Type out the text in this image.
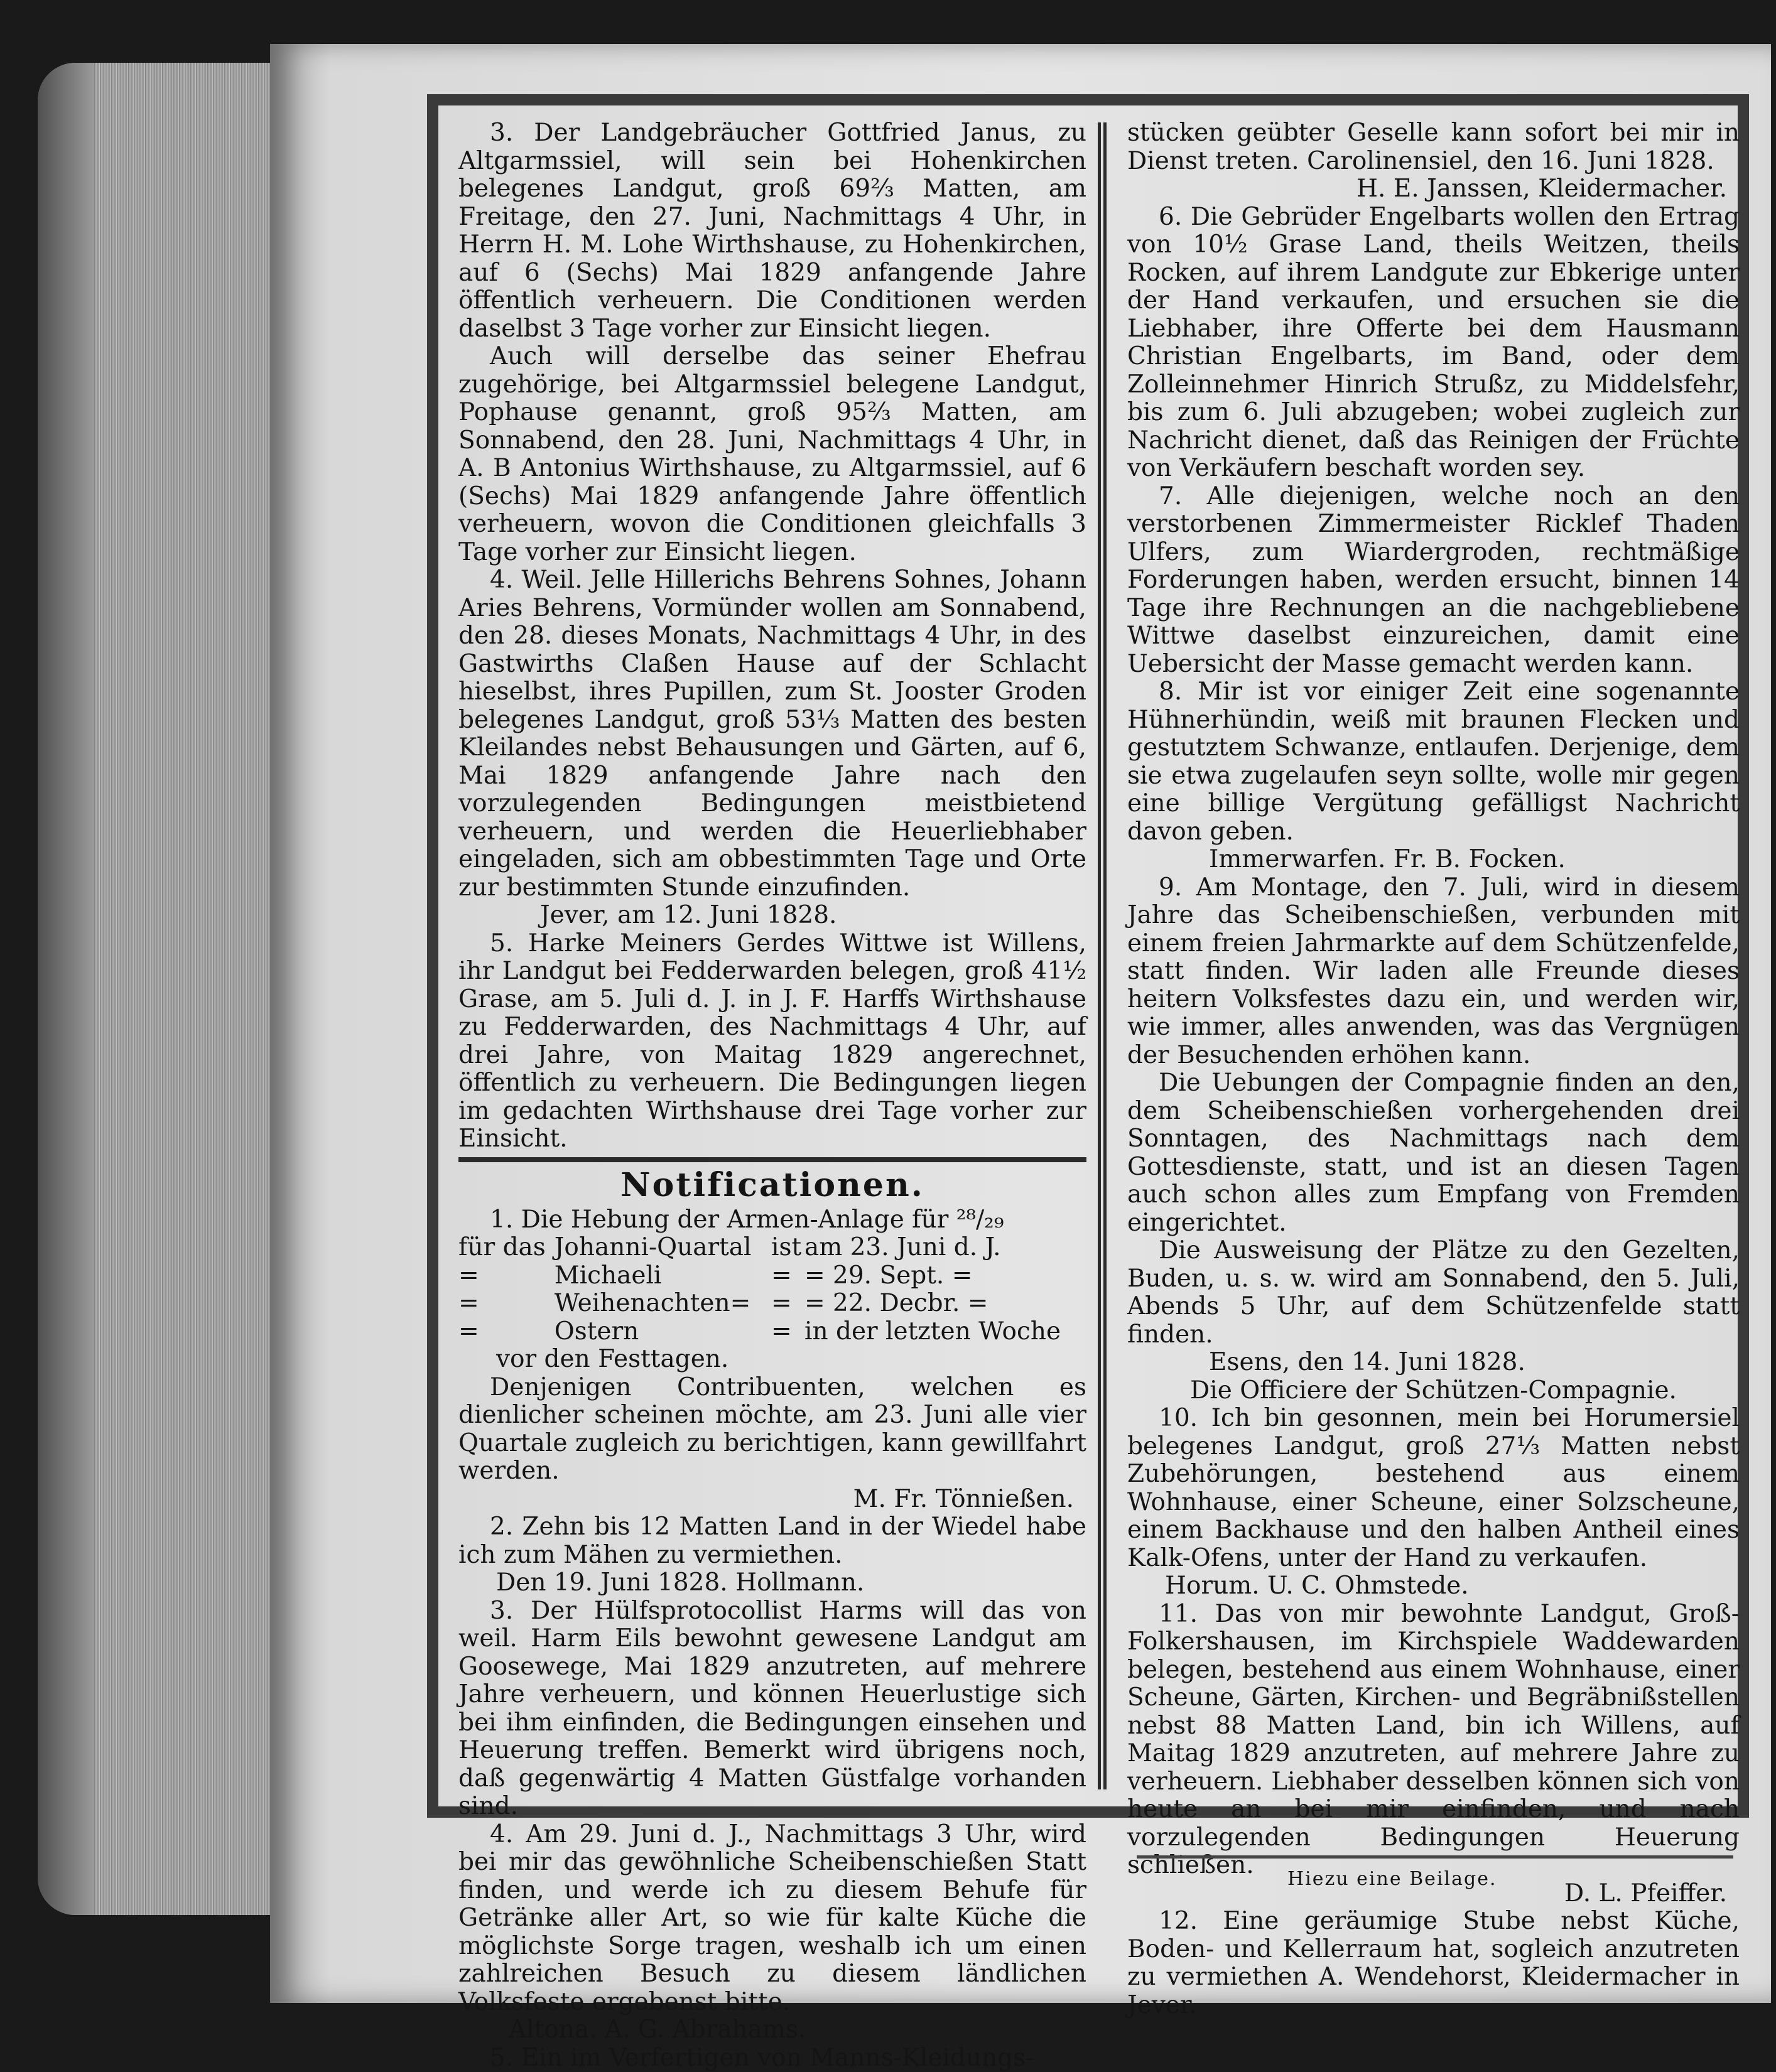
3. Der Landgebräucher Gottfried Janus, zu Altgarmssiel, will sein bei Hohenkirchen belegenes Landgut, groß 69⅔ Matten, am Freitage, den 27. Juni, Nachmittags 4 Uhr, in Herrn H. M. Lohe Wirthshause, zu Hohenkirchen, auf 6 (Sechs) Mai 1829 anfangende Jahre öffentlich verheuern. Die Conditionen werden daselbst 3 Tage vorher zur Einsicht liegen.

Auch will derselbe das seiner Ehefrau zugehörige, bei Altgarmssiel belegene Landgut, Pophause genannt, groß 95⅔ Matten, am Sonnabend, den 28. Juni, Nachmittags 4 Uhr, in A. B Antonius Wirthshause, zu Altgarmssiel, auf 6 (Sechs) Mai 1829 anfangende Jahre öffentlich verheuern, wovon die Conditionen gleichfalls 3 Tage vorher zur Einsicht liegen.

4. Weil. Jelle Hillerichs Behrens Sohnes, Johann Aries Behrens, Vormünder wollen am Sonnabend, den 28. dieses Monats, Nachmittags 4 Uhr, in des Gastwirths Claßen Hause auf der Schlacht hieselbst, ihres Pupillen, zum St. Jooster Groden belegenes Landgut, groß 53⅓ Matten des besten Kleilandes nebst Behausungen und Gärten, auf 6, Mai 1829 anfangende Jahre nach den vorzulegenden Bedingungen meistbietend verheuern, und werden die Heuerliebhaber eingeladen, sich am obbestimmten Tage und Orte zur bestimmten Stunde einzufinden.

Jever, am 12. Juni 1828.

5. Harke Meiners Gerdes Wittwe ist Willens, ihr Landgut bei Fedderwarden belegen, groß 41½ Grase, am 5. Juli d. J. in J. F. Harffs Wirthshause zu Fedderwarden, des Nachmittags 4 Uhr, auf drei Jahre, von Maitag 1829 angerechnet, öffentlich zu verheuern. Die Bedingungen liegen im gedachten Wirthshause drei Tage vorher zur Einsicht.

Notificationen.

1. Die Hebung der Armen-Anlage für ²⁸/₂₉

für das	Johanni-Quartal	ist	am 23. Juni d. J.
=	Michaeli	=	= 29. Sept. =
=	Weihenachten=	=	= 22. Decbr. =
=	Ostern	=	in der letzten Woche

vor den Festtagen.

Denjenigen Contribuenten, welchen es dienlicher scheinen möchte, am 23. Juni alle vier Quartale zugleich zu berichtigen, kann gewillfahrt werden.

M. Fr. Tönnießen.

2. Zehn bis 12 Matten Land in der Wiedel habe ich zum Mähen zu vermiethen.

Den 19. Juni 1828. Hollmann.

3. Der Hülfsprotocollist Harms will das von weil. Harm Eils bewohnt gewesene Landgut am Goosewege, Mai 1829 anzutreten, auf mehrere Jahre verheuern, und können Heuerlustige sich bei ihm einfinden, die Bedingungen einsehen und Heuerung treffen. Bemerkt wird übrigens noch, daß gegenwärtig 4 Matten Güstfalge vorhanden sind.

4. Am 29. Juni d. J., Nachmittags 3 Uhr, wird bei mir das gewöhnliche Scheibenschießen Statt finden, und werde ich zu diesem Behufe für Getränke aller Art, so wie für kalte Küche die möglichste Sorge tragen, weshalb ich um einen zahlreichen Besuch zu diesem ländlichen Volksfeste ergebenst bitte.

Altona. A. G. Abrahams.

5. Ein im Verfertigen von Manns-Kleidungs-

stücken geübter Geselle kann sofort bei mir in Dienst treten. Carolinensiel, den 16. Juni 1828.

H. E. Janssen, Kleidermacher.

6. Die Gebrüder Engelbarts wollen den Ertrag von 10½ Grase Land, theils Weitzen, theils Rocken, auf ihrem Landgute zur Ebkerige unter der Hand verkaufen, und ersuchen sie die Liebhaber, ihre Offerte bei dem Hausmann Christian Engelbarts, im Band, oder dem Zolleinnehmer Hinrich Strußz, zu Middelsfehr, bis zum 6. Juli abzugeben; wobei zugleich zur Nachricht dienet, daß das Reinigen der Früchte von Verkäufern beschaft worden sey.

7. Alle diejenigen, welche noch an den verstorbenen Zimmermeister Ricklef Thaden Ulfers, zum Wiardergroden, rechtmäßige Forderungen haben, werden ersucht, binnen 14 Tage ihre Rechnungen an die nachgebliebene Wittwe daselbst einzureichen, damit eine Uebersicht der Masse gemacht werden kann.

8. Mir ist vor einiger Zeit eine sogenannte Hühnerhündin, weiß mit braunen Flecken und gestutztem Schwanze, entlaufen. Derjenige, dem sie etwa zugelaufen seyn sollte, wolle mir gegen eine billige Vergütung gefälligst Nachricht davon geben.

Immerwarfen. Fr. B. Focken.

9. Am Montage, den 7. Juli, wird in diesem Jahre das Scheibenschießen, verbunden mit einem freien Jahrmarkte auf dem Schützenfelde, statt finden. Wir laden alle Freunde dieses heitern Volksfestes dazu ein, und werden wir, wie immer, alles anwenden, was das Vergnügen der Besuchenden erhöhen kann.

Die Uebungen der Compagnie finden an den, dem Scheibenschießen vorhergehenden drei Sonntagen, des Nachmittags nach dem Gottesdienste, statt, und ist an diesen Tagen auch schon alles zum Empfang von Fremden eingerichtet.

Die Ausweisung der Plätze zu den Gezelten, Buden, u. s. w. wird am Sonnabend, den 5. Juli, Abends 5 Uhr, auf dem Schützenfelde statt finden.

Esens, den 14. Juni 1828.

Die Officiere der Schützen-Compagnie.

10. Ich bin gesonnen, mein bei Horumersiel belegenes Landgut, groß 27⅓ Matten nebst Zubehörungen, bestehend aus einem Wohnhause, einer Scheune, einer Solzscheune, einem Backhause und den halben Antheil eines Kalk-Ofens, unter der Hand zu verkaufen.

Horum. U. C. Ohmstede.

11. Das von mir bewohnte Landgut, Groß-Folkershausen, im Kirchspiele Waddewarden belegen, bestehend aus einem Wohnhause, einer Scheune, Gärten, Kirchen- und Begräbnißstellen nebst 88 Matten Land, bin ich Willens, auf Maitag 1829 anzutreten, auf mehrere Jahre zu verheuern. Liebhaber desselben können sich von heute an bei mir einfinden, und nach vorzulegenden Bedingungen Heuerung schließen.

D. L. Pfeiffer.

12. Eine geräumige Stube nebst Küche, Boden- und Kellerraum hat, sogleich anzutreten zu vermiethen A. Wendehorst, Kleidermacher in Jever.

Hiezu eine Beilage.
